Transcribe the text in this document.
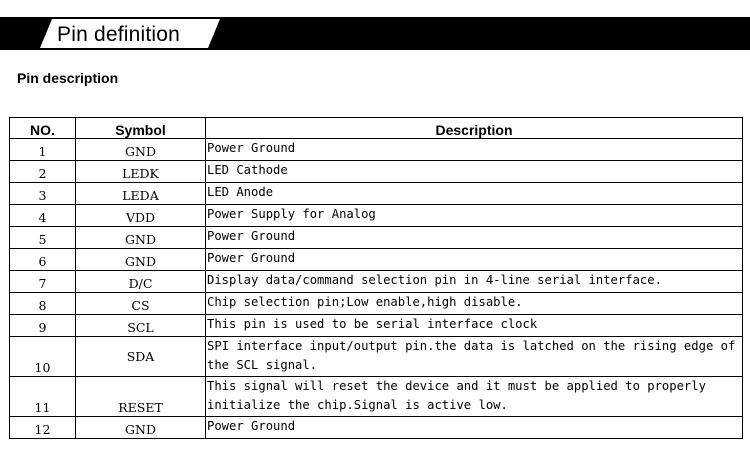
Pin definition
Pin description
NO.	Symbol	Description
1	GND	Power Ground
2	LEDK	LED Cathode
3	LEDA	LED Anode
4	VDD	Power Supply for Analog
5	GND	Power Ground
6	GND	Power Ground
7	D/C	Display data/command selection pin in 4-line serial interface.
8	CS	Chip selection pin;Low enable,high disable.
9	SCL	This pin is used to be serial interface clock
10	SDA	SPI interface input/output pin.the data is latched on the rising edge of the SCL signal.
11	RESET	This signal will reset the device and it must be applied to properly initialize the chip.Signal is active low.
12	GND	Power Ground
